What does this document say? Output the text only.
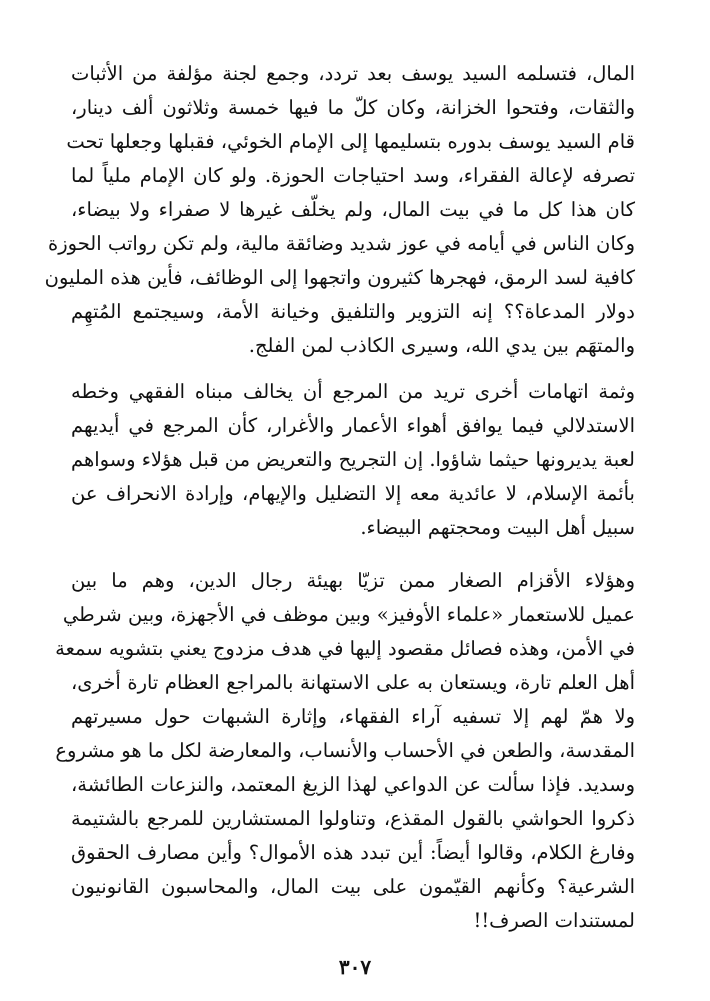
المال، فتسلمه السيد يوسف بعد تردد، وجمع لجنة مؤلفة من الأثبات
والثقات، وفتحوا الخزانة، وكان كلّ ما فيها خمسة وثلاثون ألف دينار،
قام السيد يوسف بدوره بتسليمها إلى الإمام الخوئي، فقبلها وجعلها تحت
تصرفه لإعالة الفقراء، وسد احتياجات الحوزة. ولو كان الإمام ملياً لما
كان هذا كل ما في بيت المال، ولم يخلّف غيرها لا صفراء ولا بيضاء،
وكان الناس في أيامه في عوز شديد وضائقة مالية، ولم تكن رواتب الحوزة
كافية لسد الرمق، فهجرها كثيرون واتجهوا إلى الوظائف، فأين هذه المليون
دولار المدعاة؟؟ إنه التزوير والتلفيق وخيانة الأمة، وسيجتمع المُتهِم
والمتهَم بين يدي الله، وسيرى الكاذب لمن الفلج.
وثمة اتهامات أخرى تريد من المرجع أن يخالف مبناه الفقهي وخطه
الاستدلالي فيما يوافق أهواء الأعمار والأغرار، كأن المرجع في أيديهم
لعبة يديرونها حيثما شاؤوا. إن التجريح والتعريض من قبل هؤلاء وسواهم
بأئمة الإسلام، لا عائدية معه إلا التضليل والإيهام، وإرادة الانحراف عن
سبيل أهل البيت ومحجتهم البيضاء.
وهؤلاء الأقزام الصغار ممن تزيّا بهيئة رجال الدين، وهم ما بين
عميل للاستعمار «علماء الأوفيز» وبين موظف في الأجهزة، وبين شرطي
في الأمن، وهذه فصائل مقصود إليها في هدف مزدوج يعني بتشويه سمعة
أهل العلم تارة، ويستعان به على الاستهانة بالمراجع العظام تارة أخرى،
ولا همّ لهم إلا تسفيه آراء الفقهاء، وإثارة الشبهات حول مسيرتهم
المقدسة، والطعن في الأحساب والأنساب، والمعارضة لكل ما هو مشروع
وسديد. فإذا سألت عن الدواعي لهذا الزيغ المعتمد، والنزعات الطائشة،
ذكروا الحواشي بالقول المقذع، وتناولوا المستشارين للمرجع بالشتيمة
وفارغ الكلام، وقالوا أيضاً: أين تبدد هذه الأموال؟ وأين مصارف الحقوق
الشرعية؟ وكأنهم القيّمون على بيت المال، والمحاسبون القانونيون
لمستندات الصرف!!
٣٠٧
